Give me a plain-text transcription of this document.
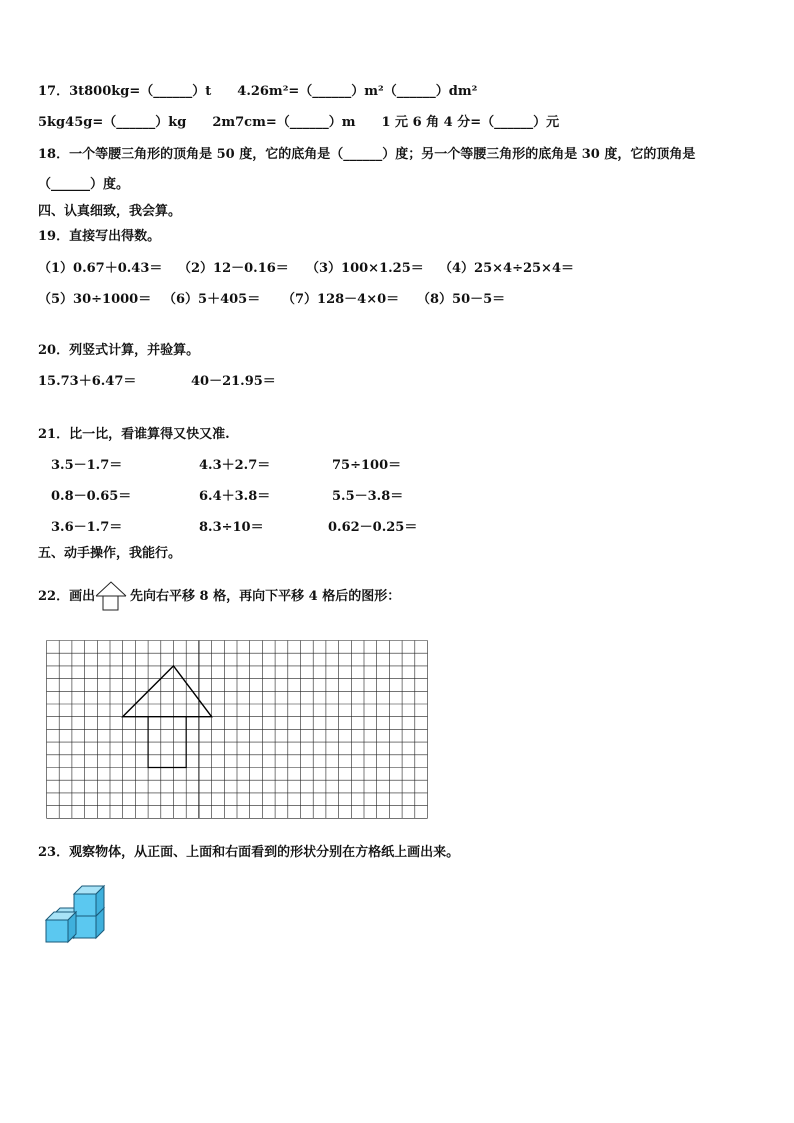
17．3t800kg=（______）t　　4.26m²=（______）m²（______）dm²
5kg45g=（______）kg　　2m7cm=（______）m　　1 元 6 角 4 分=（______）元
18．一个等腰三角形的顶角是 50 度，它的底角是（______）度；另一个等腰三角形的底角是 30 度，它的顶角是
（______）度。
四、认真细致，我会算。
19．直接写出得数。
（1）0.67＋0.43＝ （2）12－0.16＝ （3）100×1.25＝ （4）25×4÷25×4＝
（5）30÷1000＝ （6）5＋405＝ （7）128－4×0＝ （8）50－5＝
20．列竖式计算，并验算。
15.73＋6.47＝	40－21.95＝
21．比一比，看谁算得又快又准.
3.5－1.7＝	4.3＋2.7＝	75÷100＝
0.8－0.65＝	6.4＋3.8＝	5.5－3.8＝
3.6－1.7＝	8.3÷10＝	0.62－0.25＝
五、动手操作，我能行。
22．画出	先向右平移 8 格，再向下平移 4 格后的图形：
23．观察物体，从正面、上面和右面看到的形状分别在方格纸上画出来。
